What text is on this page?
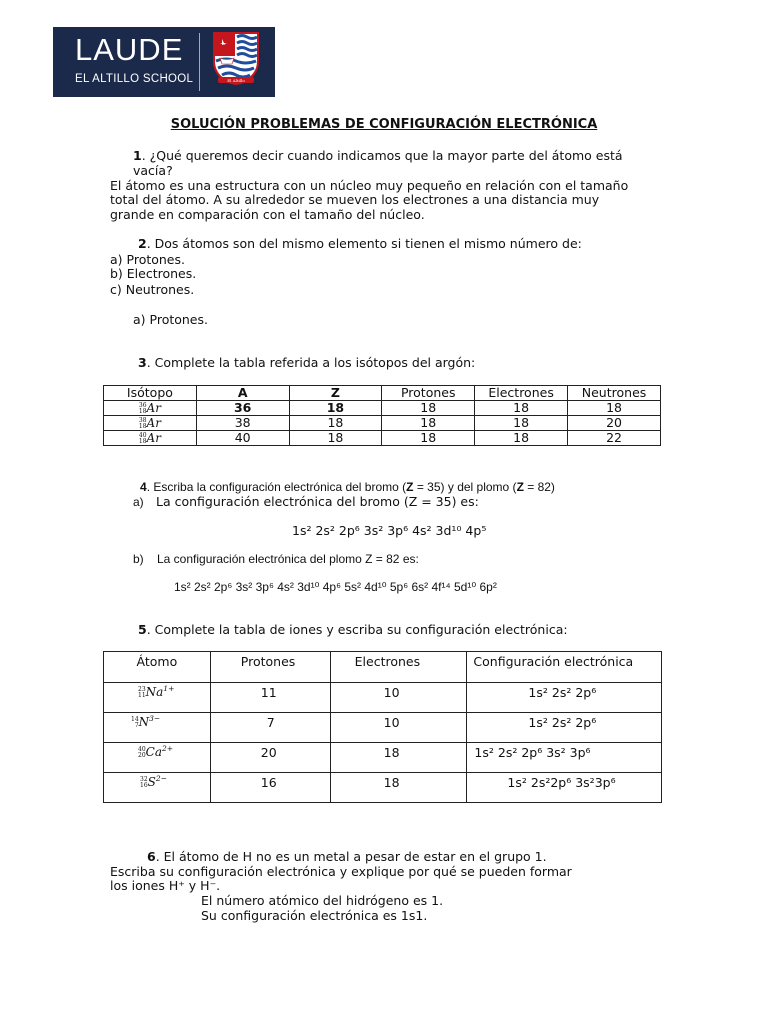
LAUDE
EL ALTILLO SCHOOL	El Altillo
SOLUCIÓN PROBLEMAS DE CONFIGURACIÓN ELECTRÓNICA
1. ¿Qué queremos decir cuando indicamos que la mayor parte del átomo está
vacía?
El átomo es una estructura con un núcleo muy pequeño en relación con el tamaño
total del átomo. A su alrededor se mueven los electrones a una distancia muy
grande en comparación con el tamaño del núcleo.
2. Dos átomos son del mismo elemento si tienen el mismo número de:
a) Protones.
b) Electrones.
c) Neutrones.
a) Protones.
3. Complete la tabla referida a los isótopos del argón:
Isótopo	A	Z	Protones	Electrones	Neutrones

36
18 Ar	36	18	18	18	18

38
18 Ar	38	18	18	18	20

40
18 Ar	40	18	18	18	22
4. Escriba la configuración electrónica del bromo (Z = 35) y del plomo (Z = 82)
a) La configuración electrónica del bromo (Z = 35) es:
1s² 2s² 2p⁶ 3s² 3p⁶ 4s² 3d¹⁰ 4p⁵
b) La configuración electrónica del plomo Z = 82 es:
1s² 2s² 2p⁶ 3s² 3p⁶ 4s² 3d¹⁰ 4p⁶ 5s² 4d¹⁰ 5p⁶ 6s² 4f¹⁴ 5d¹⁰ 6p²
5. Complete la tabla de iones y escriba su configuración electrónica:
Átomo	Protones	Electrones	Configuración electrónica

23
11 $Na^{1+}$	11	10	1s² 2s² 2p⁶

14
7 $N^{3-}$	7	10	1s² 2s² 2p⁶

40
20 $Ca^{2+}$	20	18	1s² 2s² 2p⁶ 3s² 3p⁶

32
16 $S^{2-}$	16	18	1s² 2s²2p⁶ 3s²3p⁶
6. El átomo de H no es un metal a pesar de estar en el grupo 1.
Escriba su configuración electrónica y explique por qué se pueden formar
los iones H⁺ y H⁻.
El número atómico del hidrógeno es 1.
Su configuración electrónica es 1s1.
